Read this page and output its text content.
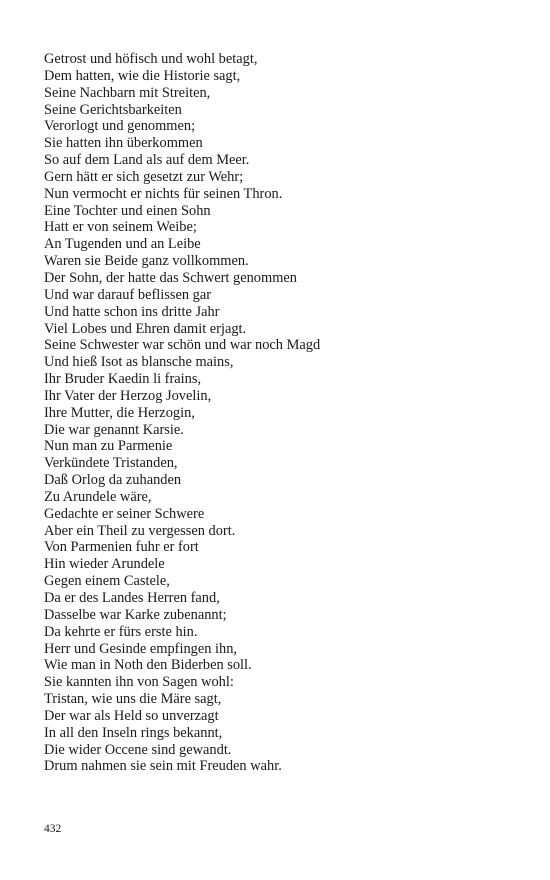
Getrost und höfisch und wohl betagt,
Dem hatten, wie die Historie sagt,
Seine Nachbarn mit Streiten,
Seine Gerichtsbarkeiten
Verorlogt und genommen;
Sie hatten ihn überkommen
So auf dem Land als auf dem Meer.
Gern hätt er sich gesetzt zur Wehr;
Nun vermocht er nichts für seinen Thron.
Eine Tochter und einen Sohn
Hatt er von seinem Weibe;
An Tugenden und an Leibe
Waren sie Beide ganz vollkommen.
Der Sohn, der hatte das Schwert genommen
Und war darauf beflissen gar
Und hatte schon ins dritte Jahr
Viel Lobes und Ehren damit erjagt.
Seine Schwester war schön und war noch Magd
Und hieß Isot as blansche mains,
Ihr Bruder Kaedin li frains,
Ihr Vater der Herzog Jovelin,
Ihre Mutter, die Herzogin,
Die war genannt Karsie.
Nun man zu Parmenie
Verkündete Tristanden,
Daß Orlog da zuhanden
Zu Arundele wäre,
Gedachte er seiner Schwere
Aber ein Theil zu vergessen dort.
Von Parmenien fuhr er fort
Hin wieder Arundele
Gegen einem Castele,
Da er des Landes Herren fand,
Dasselbe war Karke zubenannt;
Da kehrte er fürs erste hin.
Herr und Gesinde empfingen ihn,
Wie man in Noth den Biderben soll.
Sie kannten ihn von Sagen wohl:
Tristan, wie uns die Märe sagt,
Der war als Held so unverzagt
In all den Inseln rings bekannt,
Die wider Occene sind gewandt.
Drum nahmen sie sein mit Freuden wahr.
432
